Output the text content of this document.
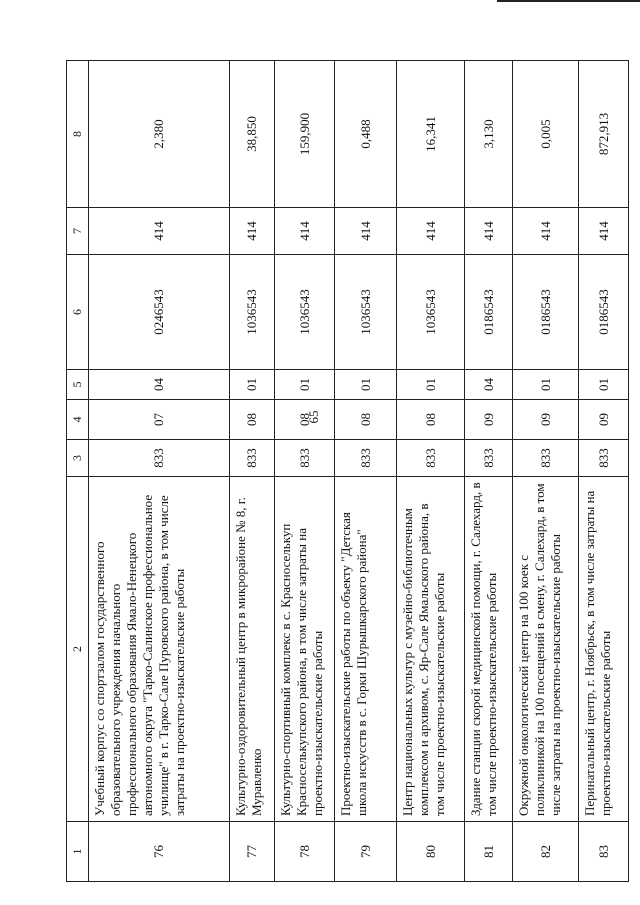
65
1	2	3	4	5	6	7	8
76	Учебный корпус со спортзалом государственного образовательного учреждения начального профессионального образования Ямало-Ненецкого автономного округа "Тарко-Салинское профессиональное училище" в г. Тарко-Сале Пуровского района, в том числе затраты на проектно-изыскательские работы	833	07	04	0246543	414	2,380
77	Культурно-оздоровительный центр в микрорайоне № 8, г. Муравленко	833	08	01	1036543	414	38,850
78	Культурно-спортивный комплекс в с. Красноселькуп Красноселькупского района, в том числе затраты на проектно-изыскательские работы	833	08	01	1036543	414	159,900
79	Проектно-изыскательские работы по объекту "Детская школа искусств в с. Горки Шурышкарского района"	833	08	01	1036543	414	0,488
80	Центр национальных культур с музейно-библиотечным комплексом и архивом, с. Яр-Сале Ямальского района, в том числе проектно-изыскательские работы	833	08	01	1036543	414	16,341
81	Здание станции скорой медицинской помощи, г. Салехард, в том числе проектно-изыскательские работы	833	09	04	0186543	414	3,130
82	Окружной онкологический центр на 100 коек с поликлиникой на 100 посещений в смену, г. Салехард, в том числе затраты на проектно-изыскательские работы	833	09	01	0186543	414	0,005
83	Перинатальный центр, г. Ноябрьск, в том числе затраты на проектно-изыскательские работы	833	09	01	0186543	414	872,913
